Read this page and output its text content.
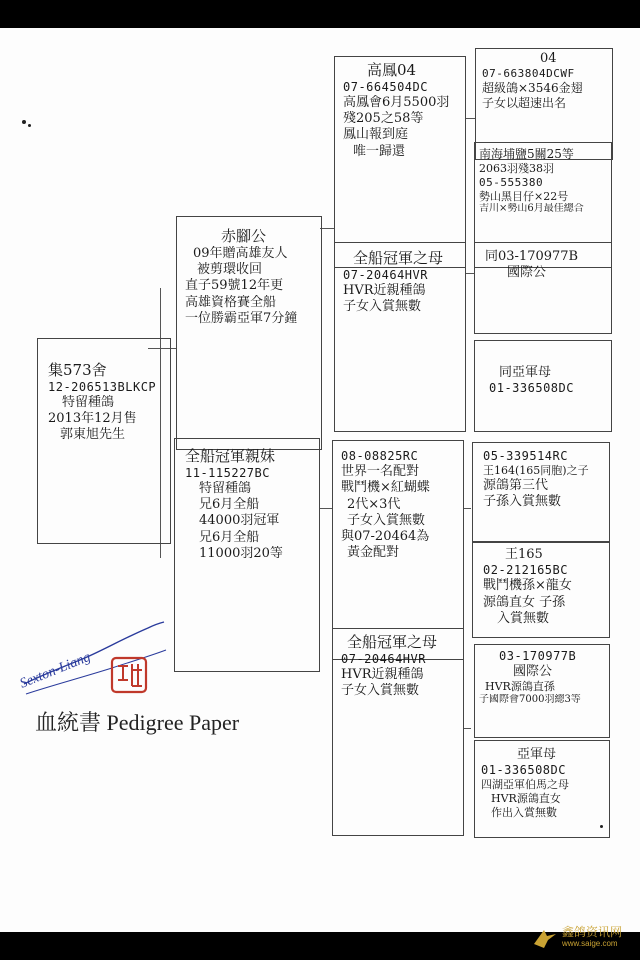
集573舍
12-206513BLKCP
特留種鴿
2013年12月售
郭東旭先生
赤腳公
09年贈高雄友人
被剪環收回
直子59號12年更
高雄資格賽全船
一位勝霸亞軍7分鐘
全船冠軍親妹
11-115227BC
特留種鴿
兄6月全船
44000羽冠軍
兄6月全船
11000羽20等
高鳳04
07-664504DC
高鳳會6月5500羽
殘205之58等
鳳山報到庭
唯一歸還
全船冠軍之母
07-20464HVR
HVR近親種鴿
子女入賞無數
08-08825RC
世界一名配對
戰鬥機×紅蝴蝶
2代×3代
子女入賞無數
與07-20464為
黃金配對
全船冠軍之母
07-20464HVR
HVR近親種鴿
子女入賞無數
04
07-663804DCWF
超級鴿×3546金翅
子女以超速出名
南海埔鹽5關25等
2063羽殘38羽
05-555380
勢山黑目仔×22号
吉川×勢山6月最佳總合
同03-170977B
國際公
同亞軍母
01-336508DC
05-339514RC
王164(165同胞)之子
源鴿第三代
子孫入賞無數
王165
02-212165BC
戰鬥機孫×龍女
源鴿直女 子孫
入賞無數
03-170977B
國際公
HVR源鴿直孫
子國際會7000羽總3等
亞軍母
01-336508DC
四湖亞軍伯馬之母
HVR源鴿直女
作出入賞無數
Sexton-Liang
血統書 Pedigree Paper
鑫鸽资讯网
www.saige.com
